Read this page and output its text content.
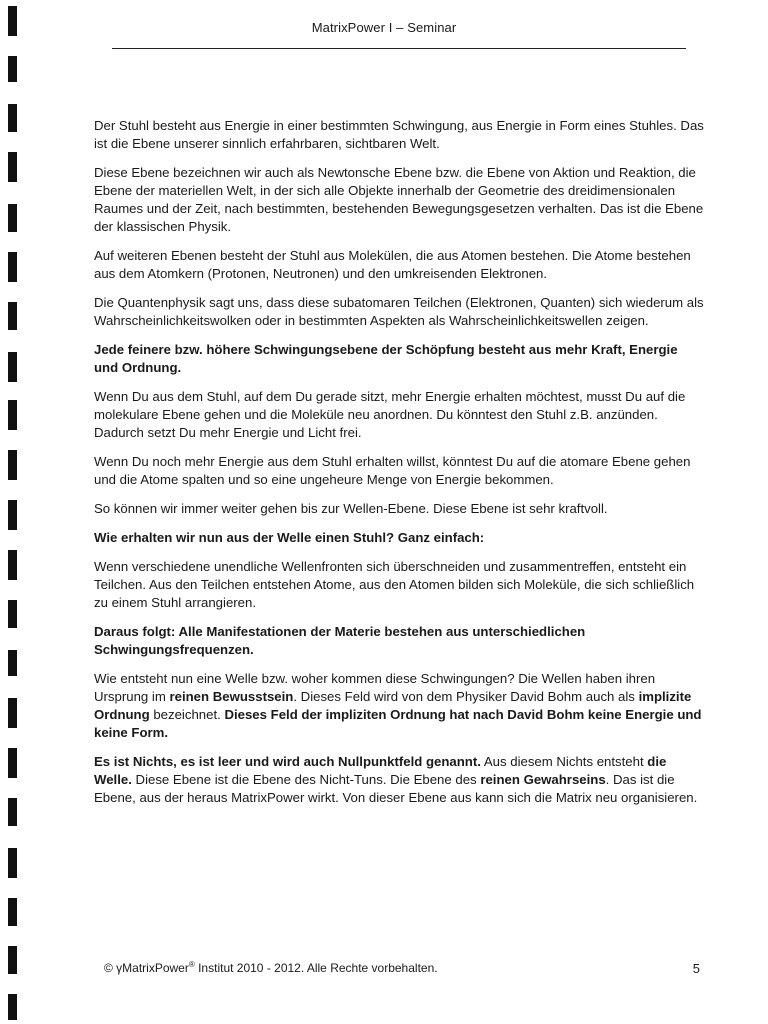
MatrixPower I – Seminar

Der Stuhl besteht aus Energie in einer bestimmten Schwingung, aus Energie in Form eines Stuhles. Das ist die Ebene unserer sinnlich erfahrbaren, sichtbaren Welt.

Diese Ebene bezeichnen wir auch als Newtonsche Ebene bzw. die Ebene von Aktion und Reaktion, die Ebene der materiellen Welt, in der sich alle Objekte innerhalb der Geometrie des dreidimensionalen Raumes und der Zeit, nach bestimmten, bestehenden Bewegungsgesetzen verhalten. Das ist die Ebene der klassischen Physik.

Auf weiteren Ebenen besteht der Stuhl aus Molekülen, die aus Atomen bestehen. Die Atome bestehen aus dem Atomkern (Protonen, Neutronen) und den umkreisenden Elektronen.

Die Quantenphysik sagt uns, dass diese subatomaren Teilchen (Elektronen, Quanten) sich wiederum als Wahrscheinlichkeitswolken oder in bestimmten Aspekten als Wahrscheinlichkeitswellen zeigen.

Jede feinere bzw. höhere Schwingungsebene der Schöpfung besteht aus mehr Kraft, Energie und Ordnung.

Wenn Du aus dem Stuhl, auf dem Du gerade sitzt, mehr Energie erhalten möchtest, musst Du auf die molekulare Ebene gehen und die Moleküle neu anordnen. Du könntest den Stuhl z.B. anzünden. Dadurch setzt Du mehr Energie und Licht frei.

Wenn Du noch mehr Energie aus dem Stuhl erhalten willst, könntest Du auf die atomare Ebene gehen und die Atome spalten und so eine ungeheure Menge von Energie bekommen.

So können wir immer weiter gehen bis zur Wellen-Ebene. Diese Ebene ist sehr kraftvoll.

Wie erhalten wir nun aus der Welle einen Stuhl? Ganz einfach:

Wenn verschiedene unendliche Wellenfronten sich überschneiden und zusammentreffen, entsteht ein Teilchen. Aus den Teilchen entstehen Atome, aus den Atomen bilden sich Moleküle, die sich schließlich zu einem Stuhl arrangieren.

Daraus folgt: Alle Manifestationen der Materie bestehen aus unterschiedlichen Schwingungsfrequenzen.

Wie entsteht nun eine Welle bzw. woher kommen diese Schwingungen? Die Wellen haben ihren Ursprung im reinen Bewusstsein. Dieses Feld wird von dem Physiker David Bohm auch als implizite Ordnung bezeichnet. Dieses Feld der impliziten Ordnung hat nach David Bohm keine Energie und keine Form.

Es ist Nichts, es ist leer und wird auch Nullpunktfeld genannt. Aus diesem Nichts entsteht die Welle. Diese Ebene ist die Ebene des Nicht-Tuns. Die Ebene des reinen Gewahrseins. Das ist die Ebene, aus der heraus MatrixPower wirkt. Von dieser Ebene aus kann sich die Matrix neu organisieren.

© γMatrixPower® Institut 2010 - 2012. Alle Rechte vorbehalten.	5
